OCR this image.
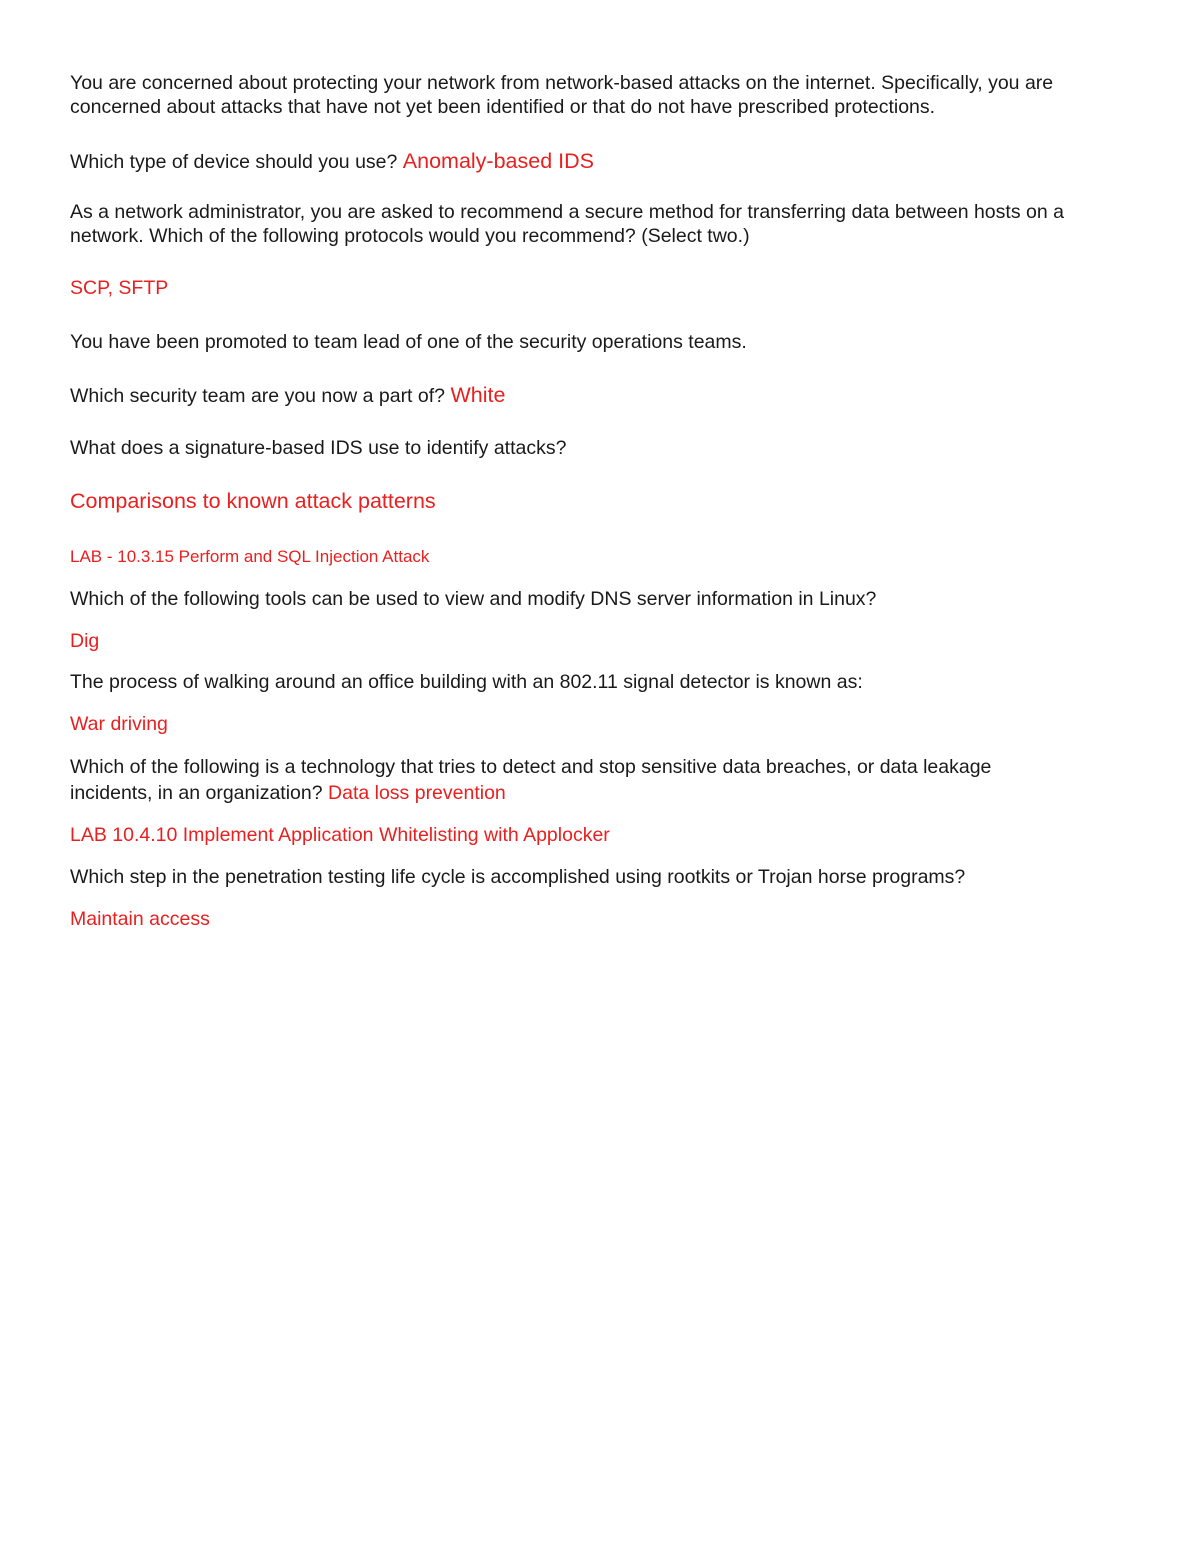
You are concerned about protecting your network from network-based attacks on the internet. Specifically, you are
concerned about attacks that have not yet been identified or that do not have prescribed protections.
Which type of device should you use? Anomaly-based IDS
As a network administrator, you are asked to recommend a secure method for transferring data between hosts on a
network. Which of the following protocols would you recommend? (Select two.)
SCP, SFTP
You have been promoted to team lead of one of the security operations teams.
Which security team are you now a part of? White
What does a signature-based IDS use to identify attacks?
Comparisons to known attack patterns
LAB - 10.3.15 Perform and SQL Injection Attack
Which of the following tools can be used to view and modify DNS server information in Linux?
Dig
The process of walking around an office building with an 802.11 signal detector is known as:
War driving
Which of the following is a technology that tries to detect and stop sensitive data breaches, or data leakage
incidents, in an organization? Data loss prevention
LAB 10.4.10 Implement Application Whitelisting with Applocker
Which step in the penetration testing life cycle is accomplished using rootkits or Trojan horse programs?
Maintain access
